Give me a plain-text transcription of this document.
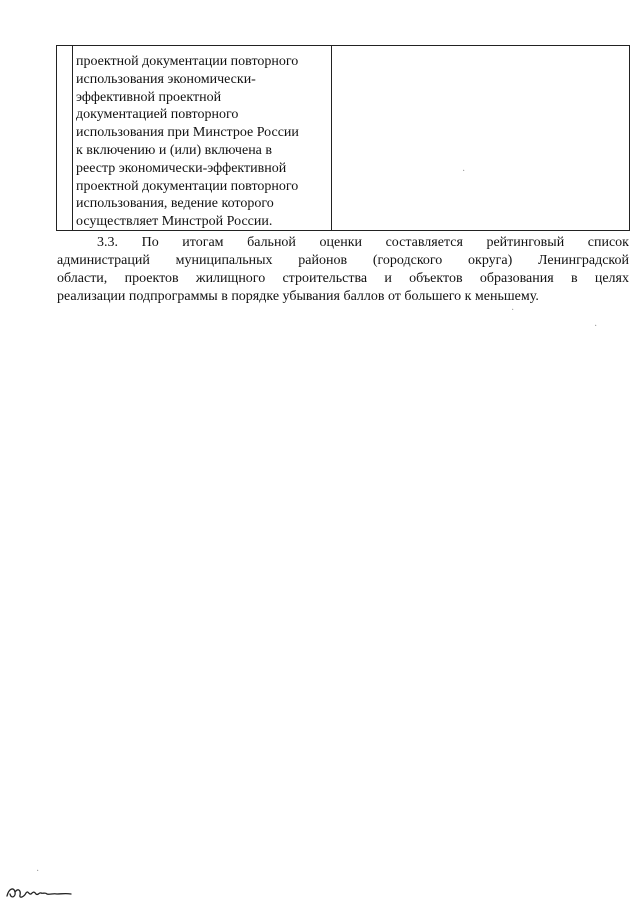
проектной документации повторного
использования экономически-
эффективной проектной
документацией повторного
использования при Минстрое России
к включению и (или) включена в
реестр экономически-эффективной
проектной документации повторного
использования, ведение которого
осуществляет Минстрой России.

3.3. По итогам бальной оценки составляется рейтинговый список
администраций муниципальных районов (городского округа) Ленинградской
области, проектов жилищного строительства и объектов образования в целях
реализации подпрограммы в порядке убывания баллов от большего к меньшему.
·
·
·
·
